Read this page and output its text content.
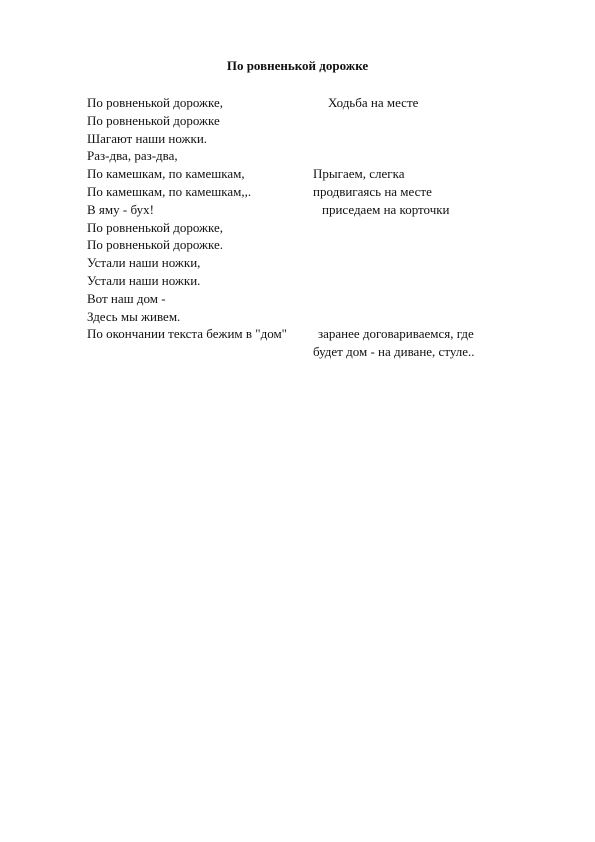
По ровненькой дорожке
По ровненькой дорожке,	Ходьба на месте
По ровненькой дорожке
Шагают наши ножки.
Раз-два, раз-два,
По камешкам, по камешкам,	Прыгаем, слегка
По камешкам, по камешкам,,.	продвигаясь на месте
В яму - бух!	приседаем на корточки
По ровненькой дорожке,
По ровненькой дорожке.
Устали наши ножки,
Устали наши ножки.
Вот наш дом -
Здесь мы живем.
По окончании текста бежим в "дом" заранее договариваемся, где
будет дом - на диване, стуле..
